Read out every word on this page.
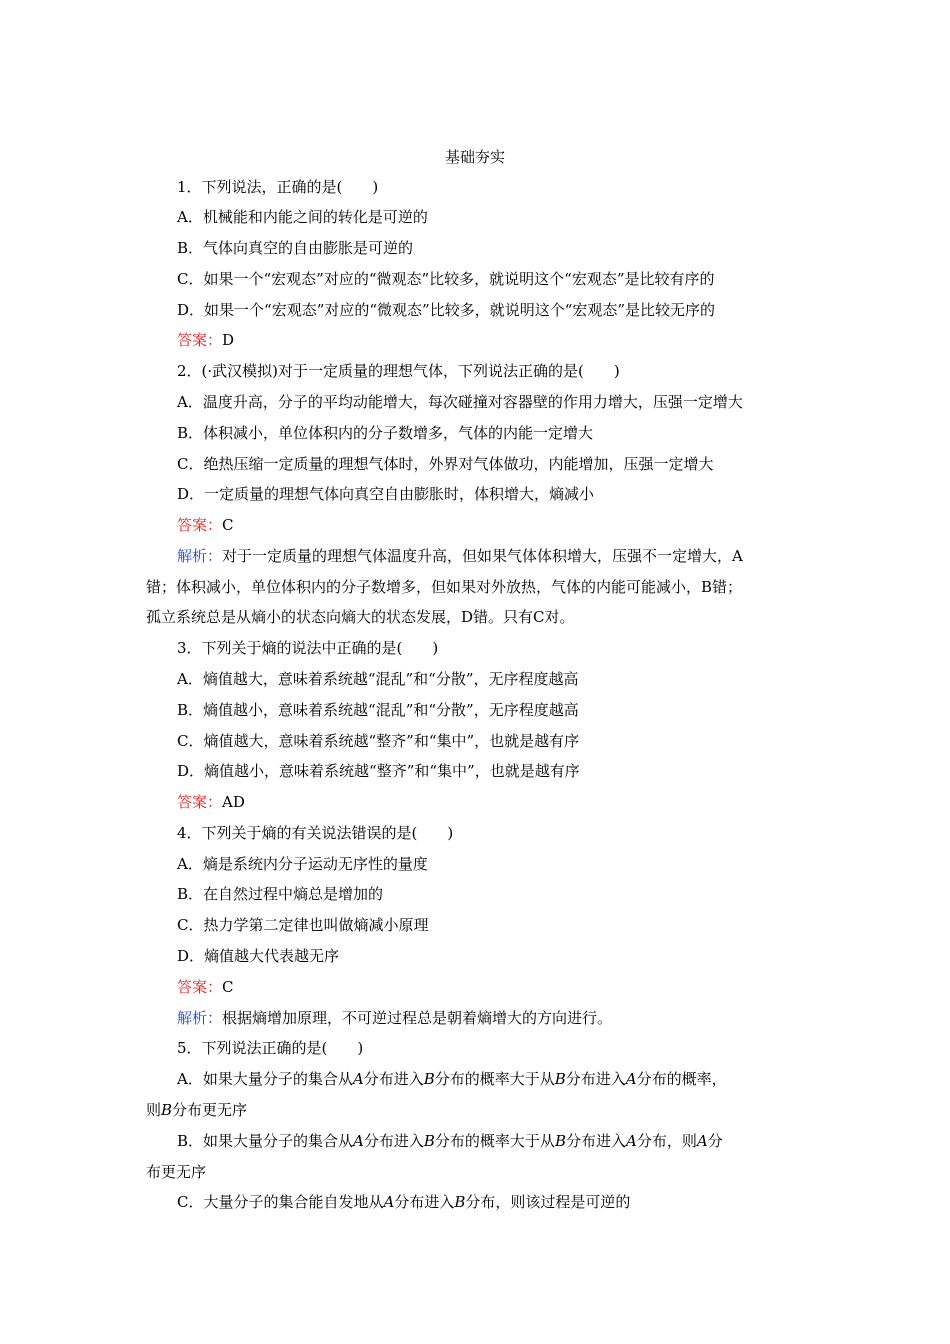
基础夯实
1．下列说法，正确的是(　　)
A．机械能和内能之间的转化是可逆的
B．气体向真空的自由膨胀是可逆的
C．如果一个“宏观态”对应的“微观态”比较多，就说明这个“宏观态”是比较有序的
D．如果一个“宏观态”对应的“微观态”比较多，就说明这个“宏观态”是比较无序的
答案：D
2．(·武汉模拟)对于一定质量的理想气体，下列说法正确的是(　　)
A．温度升高，分子的平均动能增大，每次碰撞对容器壁的作用力增大，压强一定增大
B．体积减小，单位体积内的分子数增多，气体的内能一定增大
C．绝热压缩一定质量的理想气体时，外界对气体做功，内能增加，压强一定增大
D．一定质量的理想气体向真空自由膨胀时，体积增大，熵减小
答案：C
解析：对于一定质量的理想气体温度升高，但如果气体体积增大，压强不一定增大，A
错；体积减小，单位体积内的分子数增多，但如果对外放热，气体的内能可能减小，B错；
孤立系统总是从熵小的状态向熵大的状态发展，D错。只有C对。
3．下列关于熵的说法中正确的是(　　)
A．熵值越大，意味着系统越“混乱”和“分散”，无序程度越高
B．熵值越小，意味着系统越“混乱”和“分散”，无序程度越高
C．熵值越大，意味着系统越“整齐”和“集中”，也就是越有序
D．熵值越小，意味着系统越“整齐”和“集中”，也就是越有序
答案：AD
4．下列关于熵的有关说法错误的是(　　)
A．熵是系统内分子运动无序性的量度
B．在自然过程中熵总是增加的
C．热力学第二定律也叫做熵减小原理
D．熵值越大代表越无序
答案：C
解析：根据熵增加原理，不可逆过程总是朝着熵增大的方向进行。
5．下列说法正确的是(　　)
A．如果大量分子的集合从A分布进入B分布的概率大于从B分布进入A分布的概率，
则B分布更无序
B．如果大量分子的集合从A分布进入B分布的概率大于从B分布进入A分布，则A分
布更无序
C．大量分子的集合能自发地从A分布进入B分布，则该过程是可逆的
